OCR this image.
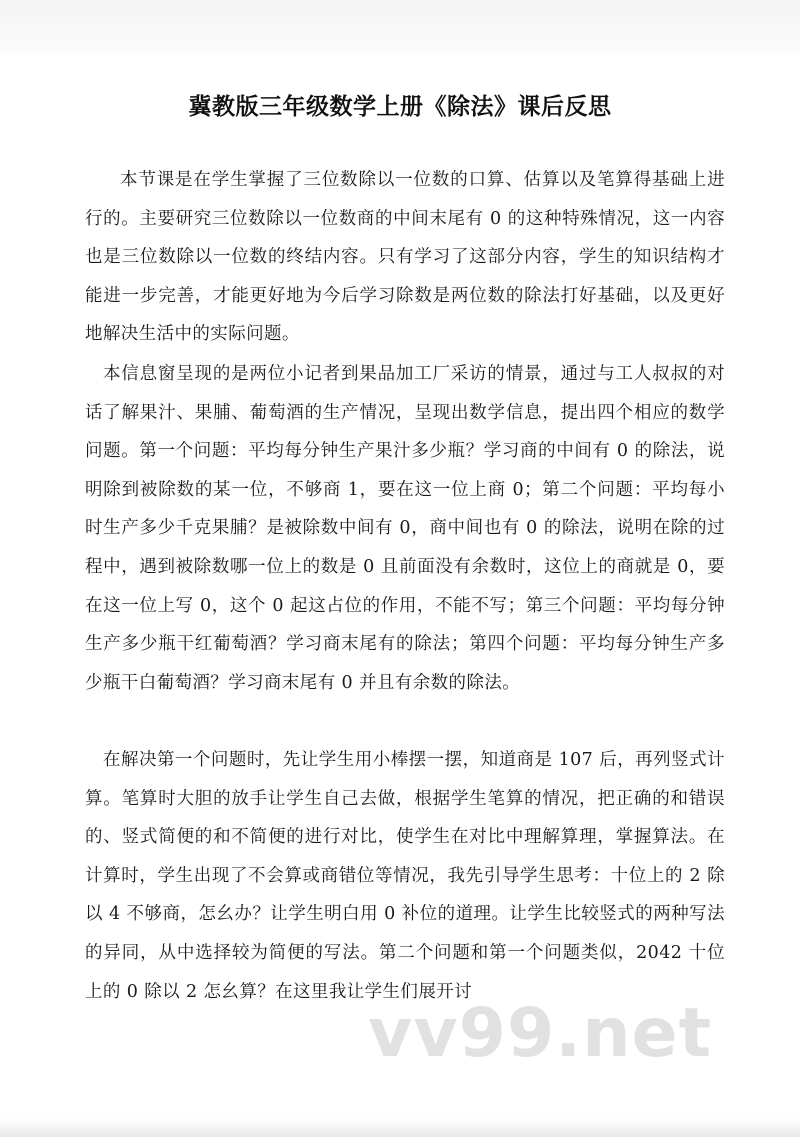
冀教版三年级数学上册《除法》课后反思

本节课是在学生掌握了三位数除以一位数的口算、估算以及笔算得基础上进行的。主要研究三位数除以一位数商的中间末尾有 0 的这种特殊情况，这一内容也是三位数除以一位数的终结内容。只有学习了这部分内容，学生的知识结构才能进一步完善，才能更好地为今后学习除数是两位数的除法打好基础，以及更好地解决生活中的实际问题。

本信息窗呈现的是两位小记者到果品加工厂采访的情景，通过与工人叔叔的对话了解果汁、果脯、葡萄酒的生产情况，呈现出数学信息，提出四个相应的数学问题。第一个问题：平均每分钟生产果汁多少瓶？学习商的中间有 0 的除法，说明除到被除数的某一位，不够商 1，要在这一位上商 0；第二个问题：平均每小时生产多少千克果脯？是被除数中间有 0，商中间也有 0 的除法，说明在除的过程中，遇到被除数哪一位上的数是 0 且前面没有余数时，这位上的商就是 0，要在这一位上写 0，这个 0 起这占位的作用，不能不写；第三个问题：平均每分钟生产多少瓶干红葡萄酒？学习商末尾有的除法；第四个问题：平均每分钟生产多少瓶干白葡萄酒？学习商末尾有 0 并且有余数的除法。

在解决第一个问题时，先让学生用小棒摆一摆，知道商是 107 后，再列竖式计算。笔算时大胆的放手让学生自己去做，根据学生笔算的情况，把正确的和错误的、竖式简便的和不简便的进行对比，使学生在对比中理解算理，掌握算法。在计算时，学生出现了不会算或商错位等情况，我先引导学生思考：十位上的 2 除以 4 不够商，怎幺办？让学生明白用 0 补位的道理。让学生比较竖式的两种写法的异同，从中选择较为简便的写法。第二个问题和第一个问题类似，2042 十位上的 0 除以 2 怎幺算？在这里我让学生们展开讨

vv99.net
